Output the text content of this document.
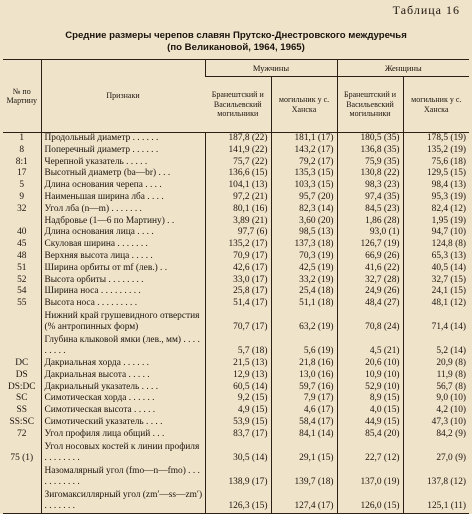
Таблица 16
Средние размеры черепов славян Прутско-Днестровского междуречья
(по Великановой, 1964, 1965)
№ по Мартину	Признаки	Мужчины		Женщины	

		Бранештский и Васильевский могильники	могильник у с. Ханска	Бранештский и Васильевский могильники	могильник у с. Ханска

1	Продольный диаметр . . . . . .	187,8 (22)	181,1 (17)	180,5 (35)	178,5 (19)
8	Поперечный диаметр . . . . . .	141,9 (22)	143,2 (17)	136,8 (35)	135,2 (19)
8:1	Черепной указатель . . . . .	75,7 (22)	79,2 (17)	75,9 (35)	75,6 (18)
17	Высотный диаметр (ba—br) . . .	136,6 (15)	135,3 (15)	130,8 (22)	129,5 (15)
5	Длина основания черепа . . . .	104,1 (13)	103,3 (15)	98,3 (23)	98,4 (13)
9	Наименьшая ширина лба . . . .	97,2 (21)	95,7 (20)	97,4 (35)	95,3 (19)
32	Угол лба (n—m) . . . . . . .	80,1 (16)	82,3 (14)	84,5 (23)	82,4 (12)
	Надбровье (1—6 по Мартину) . .	3,89 (21)	3,60 (20)	1,86 (28)	1,95 (19)
40	Длина основания лица . . . .	97,7 (6)	98,5 (13)	93,0 (1)	94,7 (10)
45	Скуловая ширина . . . . . . .	135,2 (17)	137,3 (18)	126,7 (19)	124,8 (8)
48	Верхняя высота лица . . . . .	70,9 (17)	70,3 (19)	66,9 (26)	65,3 (13)
51	Ширина орбиты от mf (лев.) . .	42,6 (17)	42,5 (19)	41,6 (22)	40,5 (14)
52	Высота орбиты . . . . . . . .	33,0 (17)	33,2 (19)	32,7 (28)	32,7 (15)
54	Ширина носа . . . . . . . . .	25,8 (17)	25,4 (18)	24,9 (26)	24,1 (15)
55	Высота носа . . . . . . . . .	51,4 (17)	51,1 (18)	48,4 (27)	48,1 (12)
	Нижний край грушевидного отверстия (% антропинных форм)	70,7 (17)	63,2 (19)	70,8 (24)	71,4 (14)
	Глубина клыковой ямки (лев., мм) . . . . . . . . .	5,7 (18)	5,6 (19)	4,5 (21)	5,2 (14)
DC	Дакриальная хорда . . . . . .	21,5 (13)	21,8 (16)	20,6 (10)	20,9 (8)
DS	Дакриальная высота . . . . .	12,9 (13)	13,0 (16)	10,9 (10)	11,9 (8)
DS:DC	Дакриальный указатель . . . .	60,5 (14)	59,7 (16)	52,9 (10)	56,7 (8)
SC	Симотическая хорда . . . . . .	9,2 (15)	7,9 (17)	8,9 (15)	9,0 (10)
SS	Симотическая высота . . . . .	4,9 (15)	4,6 (17)	4,0 (15)	4,2 (10)
SS:SC	Симотический указатель . . . .	53,9 (15)	58,4 (17)	44,9 (15)	47,3 (10)
72	Угол профиля лица общий . . .	83,7 (17)	84,1 (14)	85,4 (20)	84,2 (9)
75 (1)	Угол носовых костей к линии профиля . . . . . . . .	30,5 (14)	29,1 (15)	22,7 (12)	27,0 (9)
	Назомалярный угол (fmo—n—fmo) . . . . . . . . . . .	138,9 (17)	139,7 (18)	137,0 (19)	137,8 (12)
	Зигомаксиллярный угол (zm′—ss—zm′) . . . . . . .	126,3 (15)	127,4 (17)	126,0 (15)	125,1 (11)
